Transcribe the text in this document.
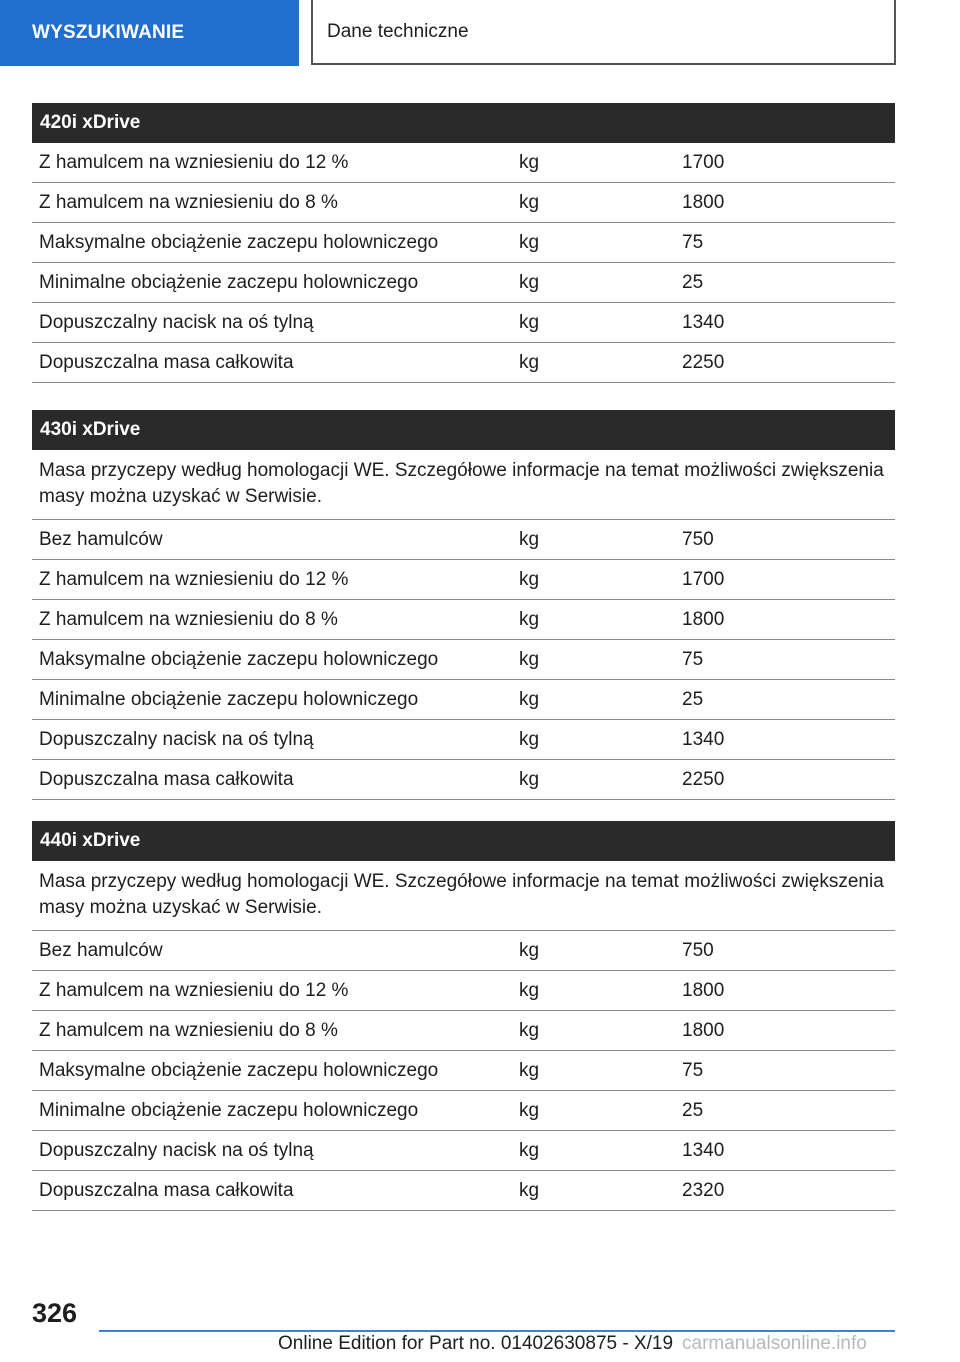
WYSZUKIWANIE	Dane techniczne
420i xDrive		
Z hamulcem na wzniesieniu do 12 %	kg	1700
Z hamulcem na wzniesieniu do 8 %	kg	1800
Maksymalne obciążenie zaczepu holowniczego	kg	75
Minimalne obciążenie zaczepu holowniczego	kg	25
Dopuszczalny nacisk na oś tylną	kg	1340
Dopuszczalna masa całkowita	kg	2250
430i xDrive		
Masa przyczepy według homologacji WE. Szczegółowe informacje na temat możliwości zwiększenia masy można uzyskać w Serwisie.		
Bez hamulców	kg	750
Z hamulcem na wzniesieniu do 12 %	kg	1700
Z hamulcem na wzniesieniu do 8 %	kg	1800
Maksymalne obciążenie zaczepu holowniczego	kg	75
Minimalne obciążenie zaczepu holowniczego	kg	25
Dopuszczalny nacisk na oś tylną	kg	1340
Dopuszczalna masa całkowita	kg	2250
440i xDrive		
Masa przyczepy według homologacji WE. Szczegółowe informacje na temat możliwości zwiększenia masy można uzyskać w Serwisie.		
Bez hamulców	kg	750
Z hamulcem na wzniesieniu do 12 %	kg	1800
Z hamulcem na wzniesieniu do 8 %	kg	1800
Maksymalne obciążenie zaczepu holowniczego	kg	75
Minimalne obciążenie zaczepu holowniczego	kg	25
Dopuszczalny nacisk na oś tylną	kg	1340
Dopuszczalna masa całkowita	kg	2320
326
Online Edition for Part no. 01402630875 - X/19 carmanualsonline.info
